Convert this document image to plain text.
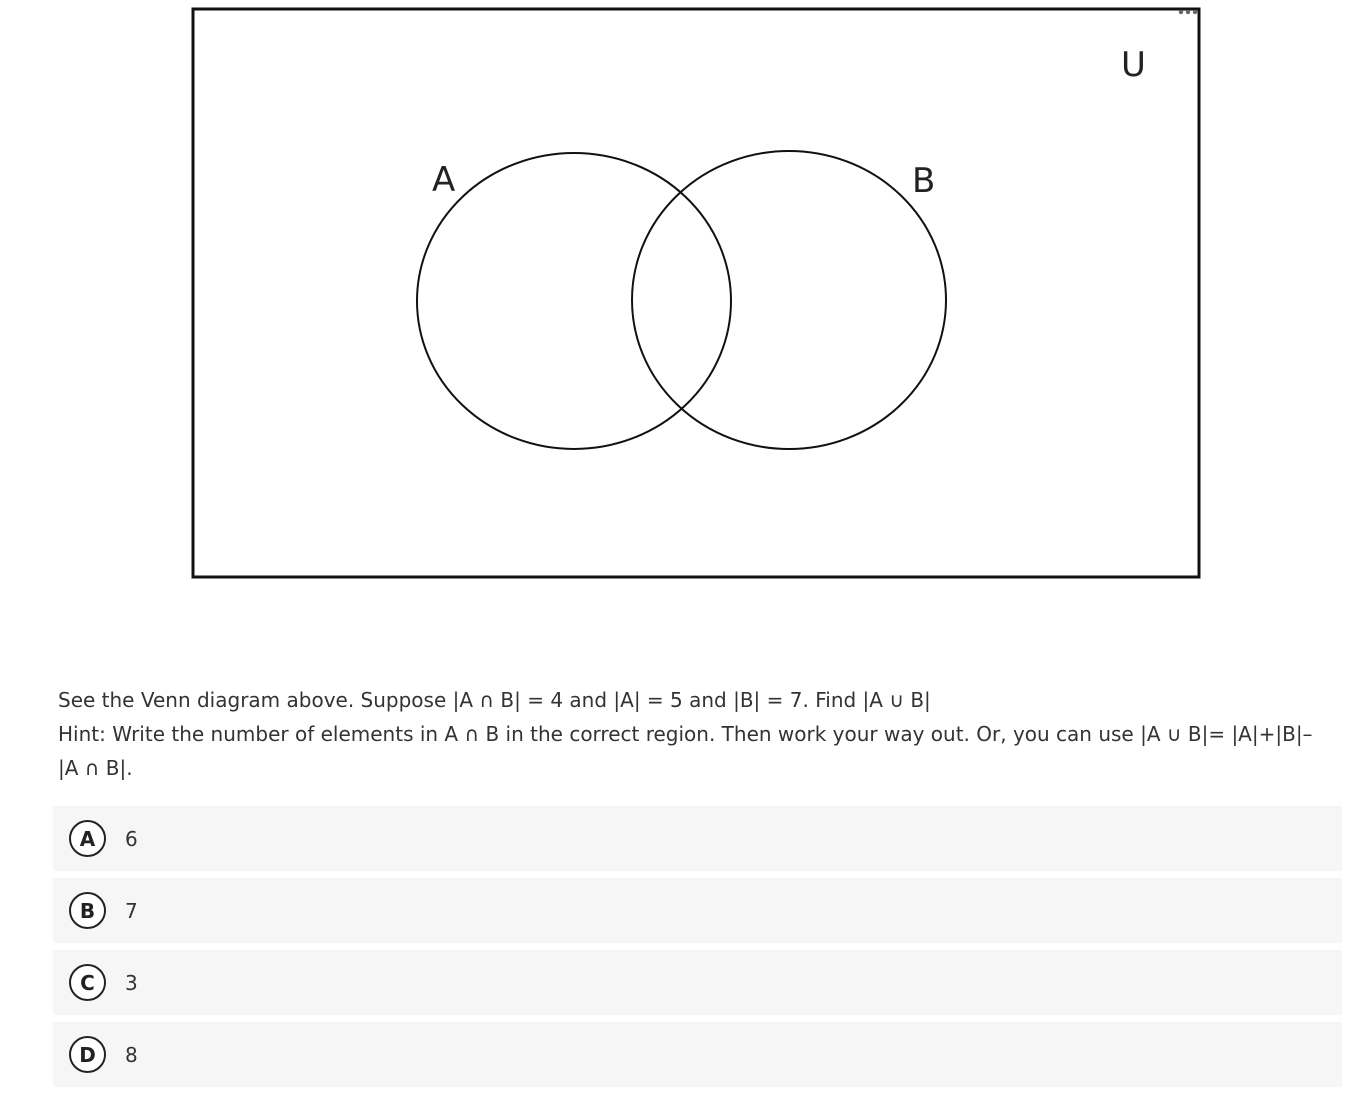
U
A	B

See the Venn diagram above. Suppose |A ∩ B| = 4 and |A| = 5 and |B| = 7. Find |A ∪ B|

Hint: Write the number of elements in A ∩ B in the correct region. Then work your way out. Or, you can use |A ∪ B|= |A|+|B|– |A ∩ B|.

A	6
B	7
C	3
D	8
